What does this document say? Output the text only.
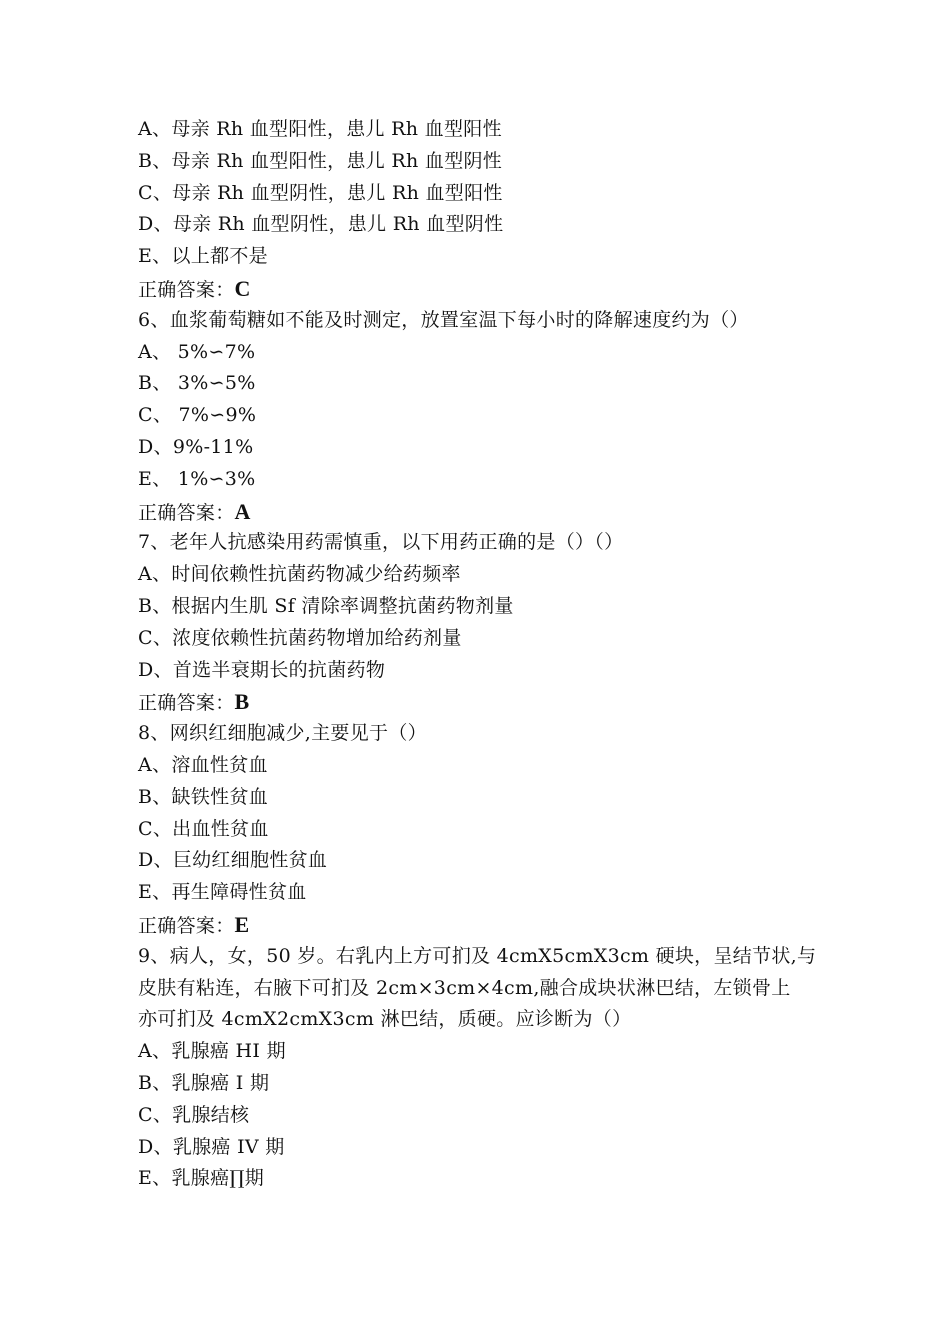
A、母亲 Rh 血型阳性，患儿 Rh 血型阳性
B、母亲 Rh 血型阳性，患儿 Rh 血型阴性
C、母亲 Rh 血型阴性，患儿 Rh 血型阳性
D、母亲 Rh 血型阴性，患儿 Rh 血型阴性
E、以上都不是
正确答案：C
6、血浆葡萄糖如不能及时测定，放置室温下每小时的降解速度约为（）
A、 5%∽7%
B、 3%∽5%
C、 7%∽9%
D、9%-11%
E、 1%∽3%
正确答案：A
7、老年人抗感染用药需慎重，以下用药正确的是（）（）
A、时间依赖性抗菌药物减少给药频率
B、根据内生肌 Sf 清除率调整抗菌药物剂量
C、浓度依赖性抗菌药物增加给药剂量
D、首选半衰期长的抗菌药物
正确答案：B
8、网织红细胞减少,主要见于（）
A、溶血性贫血
B、缺铁性贫血
C、出血性贫血
D、巨幼红细胞性贫血
E、再生障碍性贫血
正确答案：E
9、病人，女，50 岁。右乳内上方可扪及 4cmX5cmX3cm 硬块，呈结节状,与
皮肤有粘连，右腋下可扪及 2cm×3cm×4cm,融合成块状淋巴结，左锁骨上
亦可扪及 4cmX2cmX3cm 淋巴结，质硬。应诊断为（）
A、乳腺癌 HI 期
B、乳腺癌 I 期
C、乳腺结核
D、乳腺癌 IV 期
E、乳腺癌∏期
